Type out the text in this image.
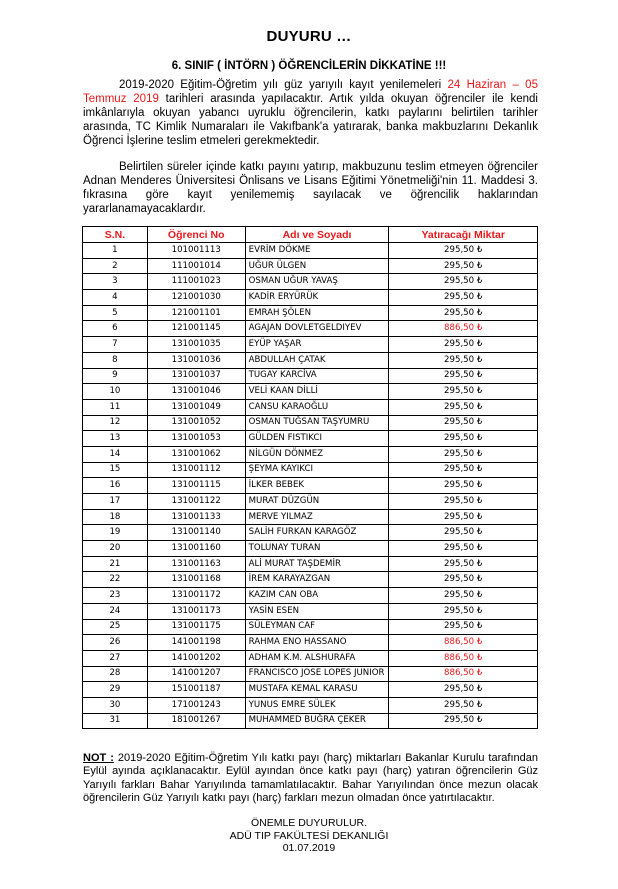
DUYURU …
6. SINIF ( İNTÖRN ) ÖĞRENCİLERİN DİKKATİNE !!!
2019-2020 Eğitim-Öğretim yılı güz yarıyılı kayıt yenilemeleri 24 Haziran – 05 Temmuz 2019 tarihleri arasında yapılacaktır. Artık yılda okuyan öğrenciler ile kendi imkânlarıyla okuyan yabancı uyruklu öğrencilerin, katkı paylarını belirtilen tarihler arasında, TC Kimlik Numaraları ile Vakıfbank'a yatırarak, banka makbuzlarını Dekanlık Öğrenci İşlerine teslim etmeleri gerekmektedir.
Belirtilen süreler içinde katkı payını yatırıp, makbuzunu teslim etmeyen öğrenciler Adnan Menderes Üniversitesi Önlisans ve Lisans Eğitimi Yönetmeliği'nin 11. Maddesi 3. fıkrasına göre kayıt yenilememiş sayılacak ve öğrencilik haklarından yararlanamayacaklardır.
S.N.	Öğrenci No	Adı ve Soyadı	Yatıracağı Miktar
1	101001113	EVRİM DÖKME	295,50 ₺
2	111001014	UĞUR ÜLGEN	295,50 ₺
3	111001023	OSMAN UĞUR YAVAŞ	295,50 ₺
4	121001030	KADİR ERYÜRÜK	295,50 ₺
5	121001101	EMRAH ŞÖLEN	295,50 ₺
6	121001145	AGAJAN DOVLETGELDIYEV	886,50 ₺
7	131001035	EYÜP YAŞAR	295,50 ₺
8	131001036	ABDULLAH ÇATAK	295,50 ₺
9	131001037	TUGAY KARCİVA	295,50 ₺
10	131001046	VELİ KAAN DİLLİ	295,50 ₺
11	131001049	CANSU KARAOĞLU	295,50 ₺
12	131001052	OSMAN TUĞSAN TAŞYUMRU	295,50 ₺
13	131001053	GÜLDEN FISTIKCI	295,50 ₺
14	131001062	NİLGÜN DÖNMEZ	295,50 ₺
15	131001112	ŞEYMA KAYIKCI	295,50 ₺
16	131001115	İLKER BEBEK	295,50 ₺
17	131001122	MURAT DÜZGÜN	295,50 ₺
18	131001133	MERVE YILMAZ	295,50 ₺
19	131001140	SALİH FURKAN KARAGÖZ	295,50 ₺
20	131001160	TOLUNAY TURAN	295,50 ₺
21	131001163	ALİ MURAT TAŞDEMİR	295,50 ₺
22	131001168	İREM KARAYAZGAN	295,50 ₺
23	131001172	KAZIM CAN OBA	295,50 ₺
24	131001173	YASİN ESEN	295,50 ₺
25	131001175	SÜLEYMAN CAF	295,50 ₺
26	141001198	RAHMA ENO HASSANO	886,50 ₺
27	141001202	ADHAM K.M. ALSHURAFA	886,50 ₺
28	141001207	FRANCISCO JOSE LOPES JUNIOR	886,50 ₺
29	151001187	MUSTAFA KEMAL KARASU	295,50 ₺
30	171001243	YUNUS EMRE SÜLEK	295,50 ₺
31	181001267	MUHAMMED BUĞRA ÇEKER	295,50 ₺
NOT : 2019-2020 Eğitim-Öğretim Yılı katkı payı (harç) miktarları Bakanlar Kurulu tarafından Eylül ayında açıklanacaktır. Eylül ayından önce katkı payı (harç) yatıran öğrencilerin Güz Yarıyılı farkları Bahar Yarıyılında tamamlatılacaktır. Bahar Yarıyılından önce mezun olacak öğrencilerin Güz Yarıyılı katkı payı (harç) farkları mezun olmadan önce yatırtılacaktır.
ÖNEMLE DUYURULUR.
ADÜ TIP FAKÜLTESİ DEKANLIĞI
01.07.2019
